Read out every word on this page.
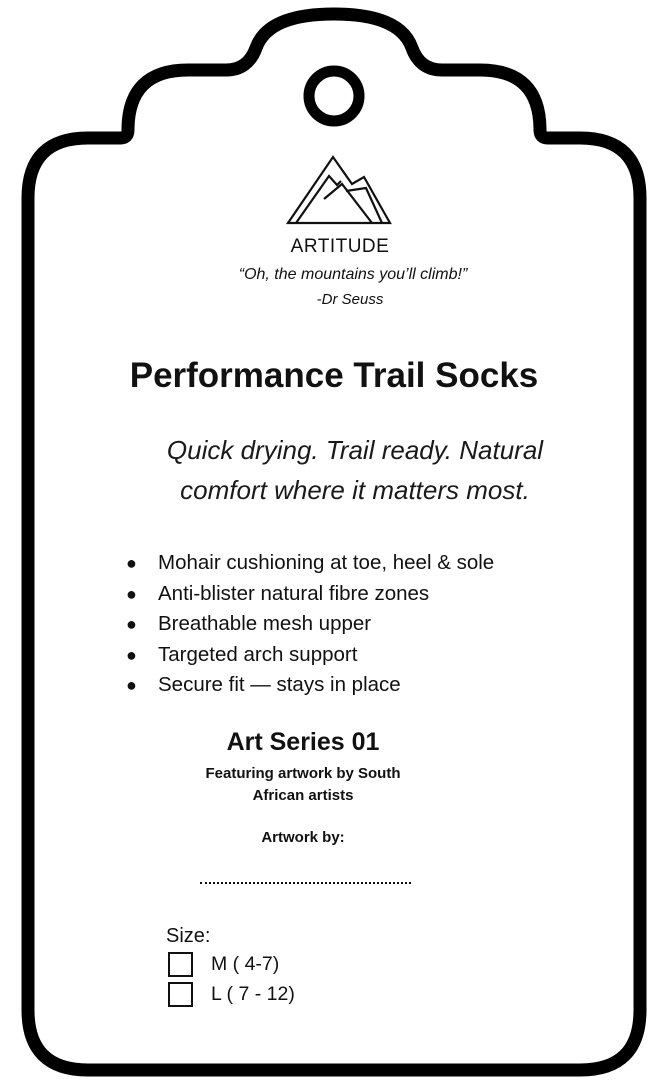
ARTITUDE
“Oh, the mountains you’ll climb!”
-Dr Seuss
Performance Trail Socks
Quick drying. Trail ready. Natural
comfort where it matters most.
● Mohair cushioning at toe, heel & sole
● Anti-blister natural fibre zones
● Breathable mesh upper
● Targeted arch support
● Secure fit — stays in place
Art Series 01
Featuring artwork by South
African artists
Artwork by:
Size:
M ( 4-7)
L ( 7 - 12)
